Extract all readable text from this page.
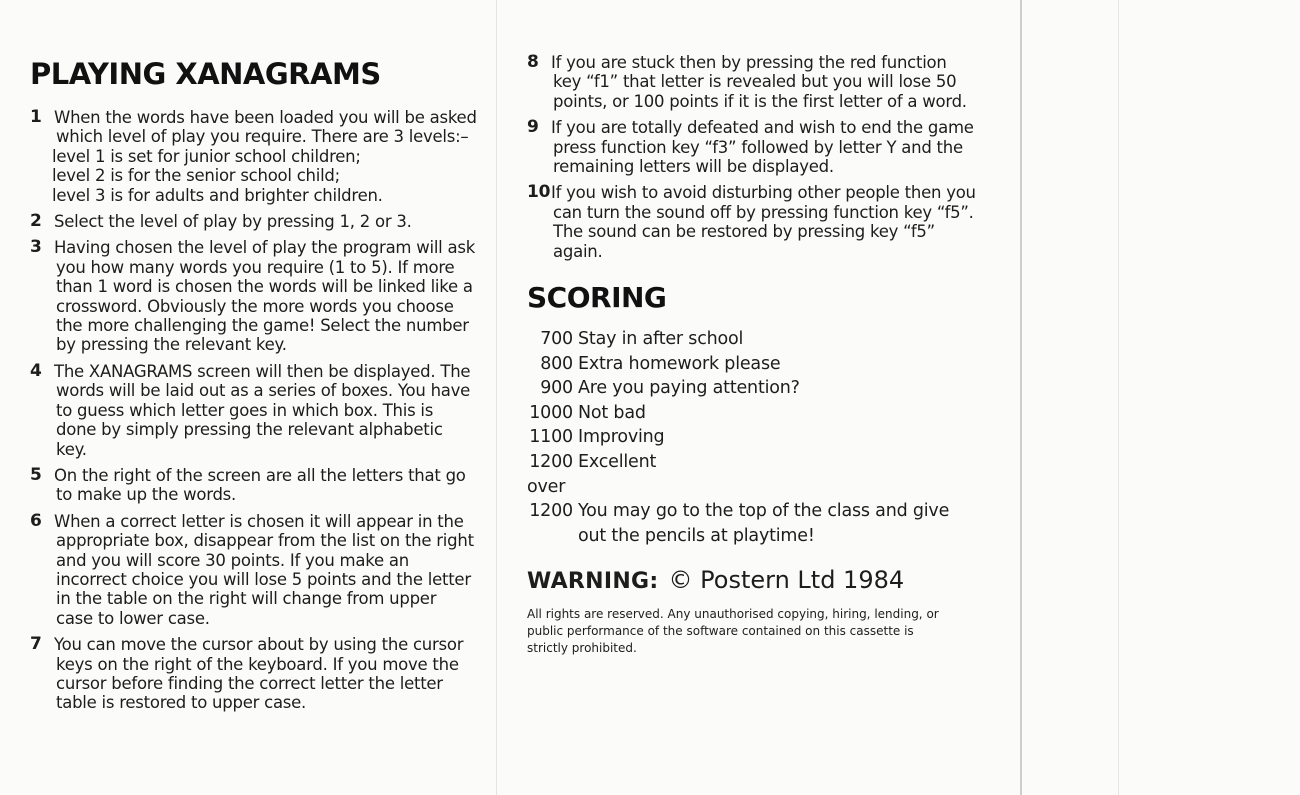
PLAYING XANAGRAMS
1 When the words have been loaded you will be asked which level of play you require. There are 3 levels:–
level 1 is set for junior school children;
level 2 is for the senior school child;
level 3 is for adults and brighter children.
2 Select the level of play by pressing 1, 2 or 3.
3 Having chosen the level of play the program will ask you how many words you require (1 to 5). If more than 1 word is chosen the words will be linked like a crossword. Obviously the more words you choose the more challenging the game! Select the number by pressing the relevant key.
4 The XANAGRAMS screen will then be displayed. The words will be laid out as a series of boxes. You have to guess which letter goes in which box. This is done by simply pressing the relevant alphabetic key.
5 On the right of the screen are all the letters that go to make up the words.
6 When a correct letter is chosen it will appear in the appropriate box, disappear from the list on the right and you will score 30 points. If you make an incorrect choice you will lose 5 points and the letter in the table on the right will change from upper case to lower case.
7 You can move the cursor about by using the cursor keys on the right of the keyboard. If you move the cursor before finding the correct letter the letter table is restored to upper case.
8 If you are stuck then by pressing the red function key “f1” that letter is revealed but you will lose 50 points, or 100 points if it is the first letter of a word.
9 If you are totally defeated and wish to end the game press function key “f3” followed by letter Y and the remaining letters will be displayed.
10 If you wish to avoid disturbing other people then you can turn the sound off by pressing function key “f5”. The sound can be restored by pressing key “f5” again.
SCORING
700	Stay in after school
800	Extra homework please
900	Are you paying attention?
1000	Not bad
1100	Improving
1200	Excellent
over	
1200	You may go to the top of the class and give out the pencils at playtime!
WARNING: © Postern Ltd 1984
All rights are reserved. Any unauthorised copying, hiring, lending, or public performance of the software contained on this cassette is strictly prohibited.
